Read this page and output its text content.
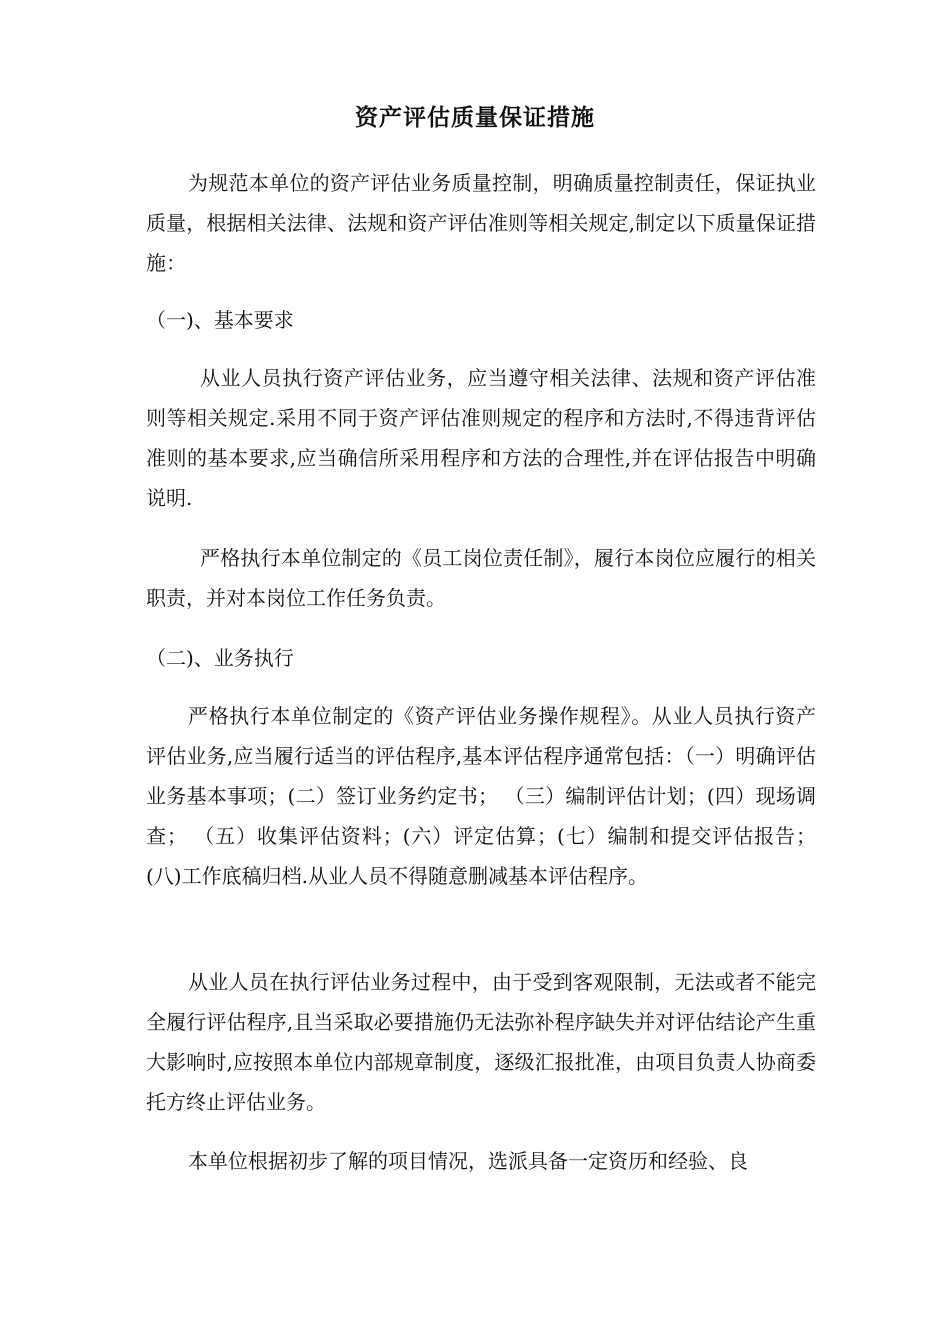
资产评估质量保证措施

为规范本单位的资产评估业务质量控制，明确质量控制责任，保证执业质量，根据相关法律、法规和资产评估准则等相关规定,制定以下质量保证措施：

（一)、基本要求

从业人员执行资产评估业务，应当遵守相关法律、法规和资产评估准则等相关规定.采用不同于资产评估准则规定的程序和方法时,不得违背评估准则的基本要求,应当确信所采用程序和方法的合理性,并在评估报告中明确说明.

严格执行本单位制定的《员工岗位责任制》，履行本岗位应履行的相关职责，并对本岗位工作任务负责。

（二)、业务执行

严格执行本单位制定的《资产评估业务操作规程》。从业人员执行资产评估业务,应当履行适当的评估程序,基本评估程序通常包括：（一）明确评估业务基本事项；(二）签订业务约定书； （三）编制评估计划；(四）现场调查； （五）收集评估资料；(六）评定估算；(七）编制和提交评估报告； (八)工作底稿归档.从业人员不得随意删减基本评估程序。

从业人员在执行评估业务过程中，由于受到客观限制，无法或者不能完全履行评估程序,且当采取必要措施仍无法弥补程序缺失并对评估结论产生重大影响时,应按照本单位内部规章制度，逐级汇报批准，由项目负责人协商委托方终止评估业务。

本单位根据初步了解的项目情况，选派具备一定资历和经验、良
